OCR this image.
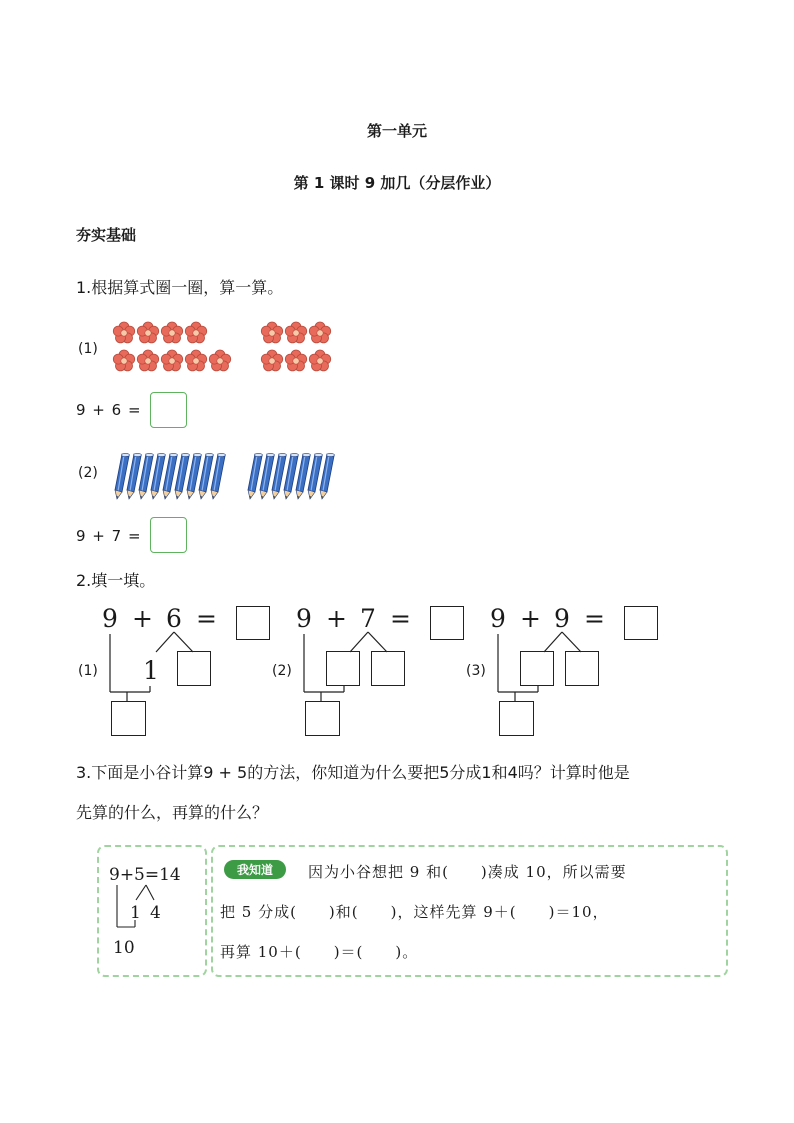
第一单元
第 1 课时 9 加几（分层作业）
夯实基础
1.根据算式圈一圈，算一算。
(1)
9 + 6 =
(2)
9 + 7 =
2.填一填。
9 + 6 =
(1) 1
9 + 7 =
(2)
9 + 9 =
(3)
3.下面是小谷计算9 + 5的方法，你知道为什么要把5分成1和4吗？计算时他是
先算的什么，再算的什么？
9+5=14
1 4
10
我知道	因为小谷想把 9 和(　　)凑成 10，所以需要
把 5 分成(　　)和(　　)，这样先算 9＋(　　)＝10，
再算 10＋(　　)＝(　　)。
